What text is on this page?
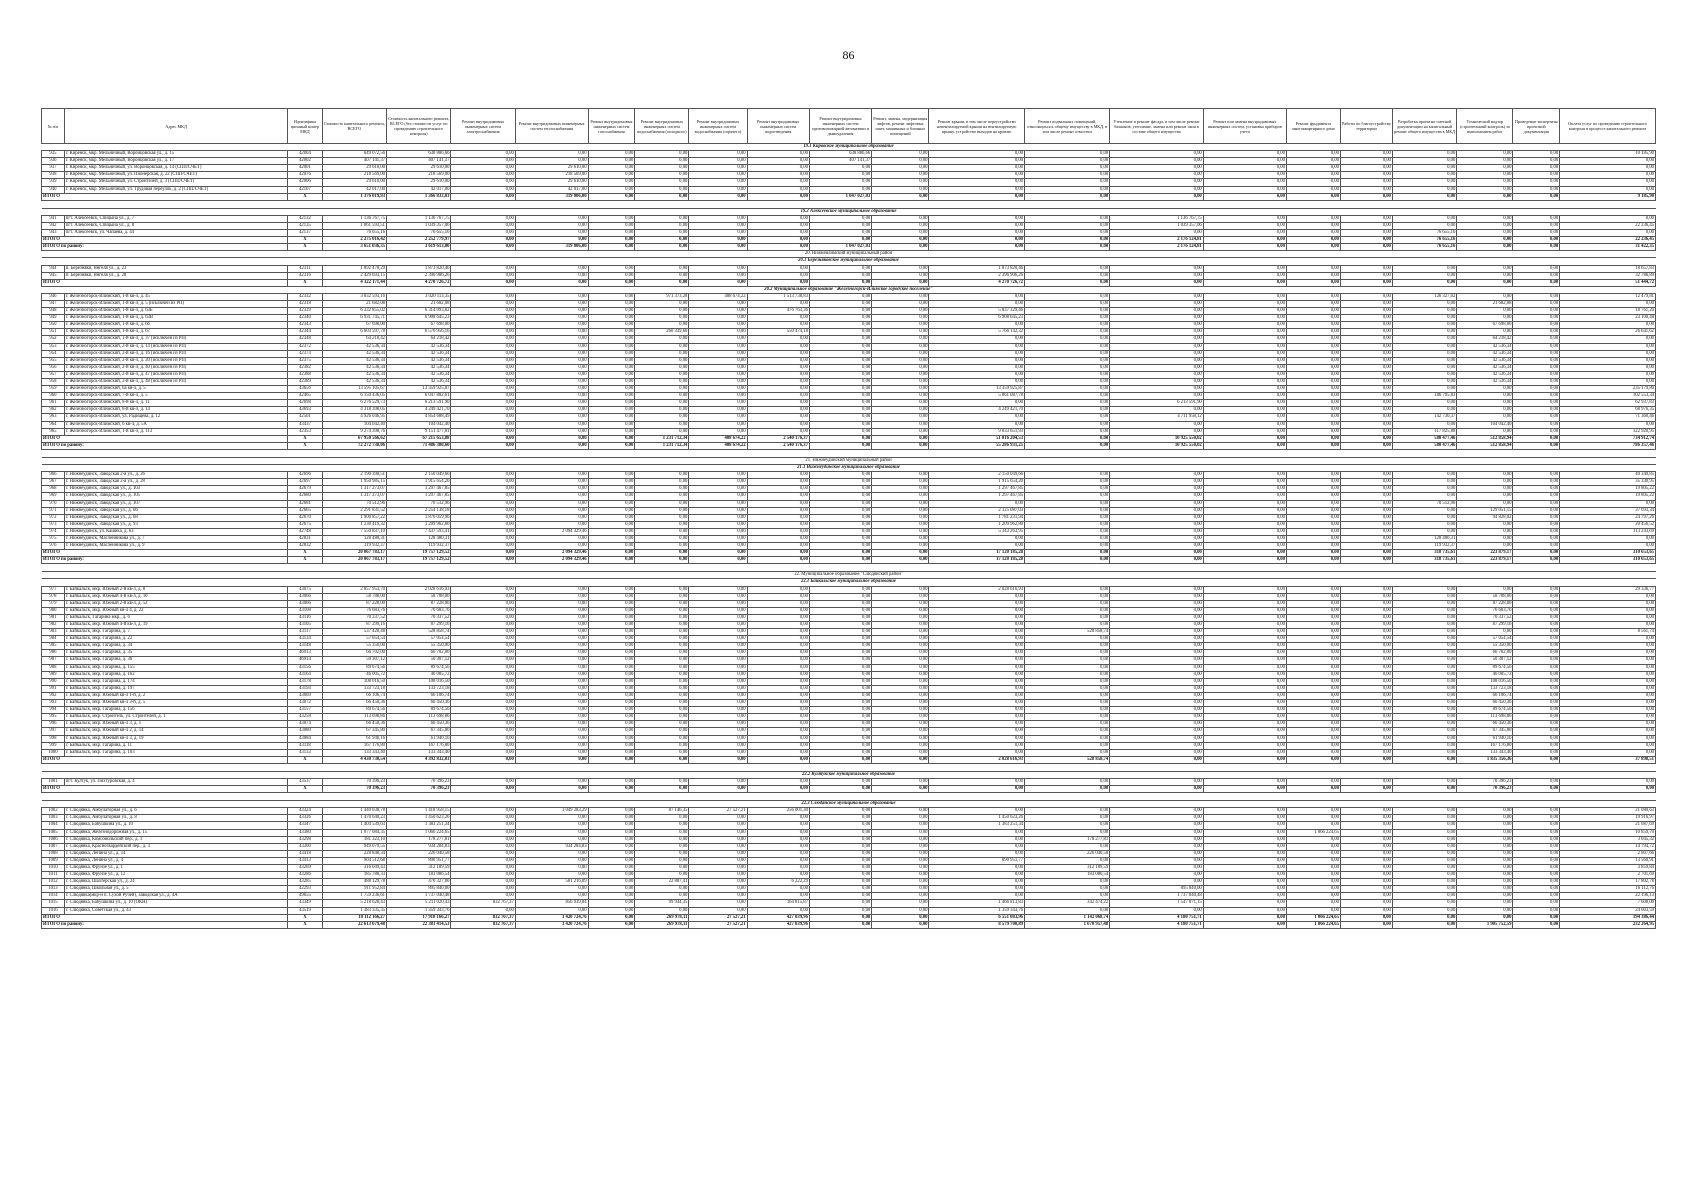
86
№ п/п	Адрес МКД	Идентифика ционный номер МКД	Стоимость капитального ремонта, ВСЕГО	Стоимость капитального ремонта, ВСЕГО (без стоимости услуг по проведению строительного контроля)	Ремонт внутридомовых инженерных систем электроснабжения	Ремонт внутридомовых инженерных систем теплоснабжения	Ремонт внутридомовых инженерных систем газоснабжения	Ремонт внутридомовых инженерных систем водоснабжения (холодного)	Ремонт внутридомовых инженерных систем водоснабжения (горячего)	Ремонт внутридомовых инженерных систем водоотведения	Ремонт внутридомовых инженерных систем противопожарной автоматики и дымоудаления	Ремонт, замена, модернизация лифтов, ремонт лифтовых шахт, машинных и блочных помещений	Ремонт крыши, в том числе переустройство невентилируемой крыши на вентилируемую крышу, устройство выходов на кровлю	Ремонт подвальных помещений, относящихся к общему имуществу в МКД, в том числе ремонт отмостки	Утепление и ремонт фасада, в том числе ремонт балконов, утепление, замена или ремонт окон в составе общего имущества	Ремонт или замена внутридомовых инженерных систем, установка приборов учета	Ремонт фундамента многоквартирного дома	Работы по благоустройству территории	Разработка проектно-сметной документации на капитальный ремонт общего имущества в МКД	Технический надзор (строительный контроль) за выполнением работ	Проведение экспертизы проектной документации	Оплата услуг по проведению строительного контроля в процессе капитального ремонта
19.1 Кировское муниципальное образование																						
935	г. Киренск, мкр. Мельничный, Воронцовская ул., д. 15	42004	649 072,56	638 886,66	0,00	0,00	0,00	0,00	0,00	0,00	638 886,66	0,00	0,00	0,00	0,00	0,00	0,00	0,00	0,00	0,00	0,00	10 185,90
936	г. Киренск, мкр. Мельничный, Воронцовская ул., д. 17	42002	407 141,37	407 141,37	0,00	0,00	0,00	0,00	0,00	0,00	407 141,37	0,00	0,00	0,00	0,00	0,00	0,00	0,00	0,00	0,00	0,00	0,00
937	г. Киренск, мкр. Мельничный, ул. Воронцовская, д. 14 (СПП/СЧЕТ)	42001	29 610,00	29 610,00	0,00	29 610,00	0,00	0,00	0,00	0,00	0,00	0,00	0,00	0,00	0,00	0,00	0,00	0,00	0,00	0,00	0,00	0,00
938	г. Киренск, мкр. Мельничный, ул. Пионерская, д. 22 (СПП/СЧЕТ)	42076	218 569,00	218 569,00	0,00	218 569,00	0,00	0,00	0,00	0,00	0,00	0,00	0,00	0,00	0,00	0,00	0,00	0,00	0,00	0,00	0,00	0,00
939	г. Киренск, мкр. Мельничный, ул. Строителей, д. 3 (СПП/СЧЕТ)	42006	29 610,00	29 610,00	0,00	29 610,00	0,00	0,00	0,00	0,00	0,00	0,00	0,00	0,00	0,00	0,00	0,00	0,00	0,00	0,00	0,00	0,00
940	г. Киренск, мкр. Мельничный, ул. Трудовая переулок, д. 2 (СПП/СЧЕТ)	42107	42 017,00	42 017,00	0,00	42 017,00	0,00	0,00	0,00	0,00	0,00	0,00	0,00	0,00	0,00	0,00	0,00	0,00	0,00	0,00	0,00	0,00
ИТОГО		X	1 376 019,93	1 366 833,03	0,00	319 806,00	0,00	0,00	0,00	0,00	1 047 027,03	0,00	0,00	0,00	0,00	0,00	0,00	0,00	0,00	0,00	0,00	9 185,90

19.2 Алексеевское муниципальное образование																						
941	пгт. Алексеевск, Спицына ул., д. 7	42132	1 136 767,75	1 136 767,75	0,00	0,00	0,00	0,00	0,00	0,00	0,00	0,00	0,00	0,00	1 136 767,75	0,00	0,00	0,00	0,00	0,00	0,00	0,00
942	пгт. Алексеевск, Спицына ул., д. 8	42135	1 061 593,51	1 039 357,06	0,00	0,00	0,00	0,00	0,00	0,00	0,00	0,00	0,00	0,00	1 039 357,06	0,00	0,00	0,00	0,00	0,00	0,00	22 236,45
943	пгт. Алексеевск, ул. Чапаева, д. 44	42137	76 655,16	76 655,16	0,00	0,00	0,00	0,00	0,00	0,00	0,00	0,00	0,00	0,00	0,00	0,00	0,00	0,00	76 655,16	0,00	0,00	0,00
ИТОГО		X	2 275 016,42	2 252 779,97	0,00	0,00	0,00	0,00	0,00	0,00	0,00	0,00	0,00	0,00	2 176 124,81	0,00	0,00	0,00	76 655,16	0,00	0,00	22 236,45
ИТОГО по району:		X	3 651 036,35	3 619 613,00	0,00	319 806,00	0,00	0,00	0,00	0,00	1 047 027,03	0,00	0,00	0,00	2 176 124,81	0,00	0,00	0,00	76 655,16	0,00	0,00	31 422,35
20. Нижнеилимский муниципальный район																						
20.1 Березняковское муниципальное образование																						
944	п. Березняки, Янгеля ул., д. 23	42311	1 892 478,29	1 873 820,46	0,00	0,00	0,00	0,00	0,00	0,00	0,00	0,00	1 873 820,46	0,00	0,00	0,00	0,00	0,00	0,00	0,00	0,00	18 657,83
945	п. Березняки, Янгеля ул., д. 28	42316	2 429 693,15	2 396 906,26	0,00	0,00	0,00	0,00	0,00	0,00	0,00	0,00	2 396 906,26	0,00	0,00	0,00	0,00	0,00	0,00	0,00	0,00	32 786,89
ИТОГО		X	4 322 171,44	4 270 726,72	0,00	0,00	0,00	0,00	0,00	0,00	0,00	0,00	4 270 726,72	0,00	0,00	0,00	0,00	0,00	0,00	0,00	0,00	51 444,72
20.2 Муниципальное образование "Железногорск-Илимское городское поселение"																						
946	г. Железногорск-Илимский, 1-й кв-л, д. 45	42332	3 032 593,16	3 020 113,35	0,00	0,00	0,00	971 373,28	408 674,22	1 513 738,83	0,00	0,00	0,00	0,00	0,00	0,00	0,00	0,00	126 327,02	0,00	0,00	12 479,81
947	г. Железногорск-Илимский, 1-й кв-л, д. 5 (исключен из РП)	42318	21 682,08	21 682,08	0,00	0,00	0,00	0,00	0,00	0,00	0,00	0,00	0,00	0,00	0,00	0,00	0,00	0,00	0,00	21 682,08	0,00	0,00
948	г. Железногорск-Илимский, 1-й кв-л, д. 63Б	42339	6 332 855,02	6 314 093,82	0,00	0,00	0,00	0,00	0,00	476 763,36	0,00	0,00	5 837 329,46	0,00	0,00	0,00	0,00	0,00	0,00	0,00	0,00	18 761,20
949	г. Железногорск-Илимский, 1-й кв-л, д. 63В	42340	6 931 745,71	6 908 645,23	0,00	0,00	0,00	0,00	0,00	0,00	0,00	0,00	6 908 645,23	0,00	0,00	0,00	0,00	0,00	0,00	0,00	0,00	23 100,48
950	г. Железногорск-Илимский, 1-й кв-л, д. 66	42343	67 698,00	67 698,00	0,00	0,00	0,00	0,00	0,00	0,00	0,00	0,00	0,00	0,00	0,00	0,00	0,00	0,00	0,00	67 698,00	0,00	0,00
951	г. Железногорск-Илимский, 1-й кв-л, д. 67	42344	6 603 597,78	6 576 956,16	0,00	0,00	0,00	260 339,66	0,00	550 474,18	0,00	0,00	5 766 142,32	0,00	0,00	0,00	0,00	0,00	0,00	0,00	0,00	26 641,62
952	г. Железногорск-Илимский, 1-й кв-л, д. 37 (исключен из РП)	42348	64 218,42	64 218,42	0,00	0,00	0,00	0,00	0,00	0,00	0,00	0,00	0,00	0,00	0,00	0,00	0,00	0,00	0,00	64 218,42	0,00	0,00
953	г. Железногорск-Илимский, 2-й кв-л, д. 14 (исключен из РП)	42372	42 536,34	42 536,34	0,00	0,00	0,00	0,00	0,00	0,00	0,00	0,00	0,00	0,00	0,00	0,00	0,00	0,00	0,00	42 536,34	0,00	0,00
954	г. Железногорск-Илимский, 2-й кв-л, д. 16 (исключен из РП)	42374	42 536,34	42 536,34	0,00	0,00	0,00	0,00	0,00	0,00	0,00	0,00	0,00	0,00	0,00	0,00	0,00	0,00	0,00	42 536,34	0,00	0,00
955	г. Железногорск-Илимский, 2-й кв-л, д. 20 (исключен из РП)	42375	42 536,34	42 536,34	0,00	0,00	0,00	0,00	0,00	0,00	0,00	0,00	0,00	0,00	0,00	0,00	0,00	0,00	0,00	42 536,34	0,00	0,00
956	г. Железногорск-Илимский, 2-й кв-л, д. 40 (исключен из РП)	42382	42 536,34	42 536,34	0,00	0,00	0,00	0,00	0,00	0,00	0,00	0,00	0,00	0,00	0,00	0,00	0,00	0,00	0,00	42 536,34	0,00	0,00
957	г. Железногорск-Илимский, 2-й кв-л, д. 47 (исключен из РП)	42388	42 536,34	42 536,34	0,00	0,00	0,00	0,00	0,00	0,00	0,00	0,00	0,00	0,00	0,00	0,00	0,00	0,00	0,00	42 536,34	0,00	0,00
958	г. Железногорск-Илимский, 2-й кв-л, д. 48 (исключен из РП)	42389	42 536,34	42 536,34	0,00	0,00	0,00	0,00	0,00	0,00	0,00	0,00	0,00	0,00	0,00	0,00	0,00	0,00	0,00	42 536,34	0,00	0,00
959	г. Железногорск-Илимский, 6а кв-л, д. 5	43656	13 595 105,67	13 359 925,87	0,00	0,00	0,00	0,00	0,00	0,00	0,00	0,00	13 359 925,87	0,00	0,00	0,00	0,00	0,00	0,00	0,00	0,00	235 179,80
960	г. Железногорск-Илимский, 7-й кв-л, д. 5	42465	6 150 436,05	6 047 882,61	0,00	0,00	0,00	0,00	0,00	0,00	0,00	0,00	5 861 087,78	0,00	0,00	0,00	0,00	0,00	186 795,83	0,00	0,00	102 553,34
961	г. Железногорск-Илимский, 8-й кв-л, д. 11	42698	6 276 529,73	6 213 591,90	0,00	0,00	0,00	0,00	0,00	0,00	0,00	0,00	0,00	0,00	6 213 591,90	0,00	0,00	0,00	0,00	0,00	0,00	62 937,83
962	г. Железногорск-Илимский, 8-й кв-л, д. 14	43693	4 318 398,05	4 249 421,70	0,00	0,00	0,00	0,00	0,00	0,00	0,00	0,00	4 249 421,70	0,00	0,00	0,00	0,00	0,00	0,00	0,00	0,00	68 976,35
963	г. Железногорск-Илимский, ул. Радищева, д. 12	42501	4 926 046,95	4 854 688,49	0,00	0,00	0,00	0,00	0,00	0,00	0,00	0,00	0,00	0,00	4 711 958,12	0,00	0,00	0,00	142 730,37	0,00	0,00	71 360,46
964	г. Железногорск-Илимский, 6 кв-л, д. 5А	43437	104 042,40	104 042,40	0,00	0,00	0,00	0,00	0,00	0,00	0,00	0,00	0,00	0,00	0,00	0,00	0,00	0,00	0,00	104 042,40	0,00	0,00
965	г. Железногорск-Илимский, 1-й кв-л, д. 113	42353	9 274 398,76	9 151 477,81	0,00	0,00	0,00	0,00	0,00	0,00	0,00	0,00	9 033 651,93	0,00	0,00	0,00	0,00	0,00	117 825,88	0,00	0,00	122 920,95
ИТОГО		X	67 950 566,62	67 215 653,88	0,00	0,00	0,00	1 231 712,34	408 674,22	2 540 176,37	0,00	0,00	51 016 204,53	0,00	10 925 550,02	0,00	0,00	0,00	580 477,46	512 858,94	0,00	734 912,74
ИТОГО по району:		X	72 272 738,06	71 486 380,60	0,00	0,00	0,00	1 231 712,34	408 674,22	2 540 176,37	0,00	0,00	55 286 931,25	0,00	10 925 550,02	0,00	0,00	0,00	580 477,46	512 858,94	0,00	786 357,46

21. Нижнеудинский муниципальный район																						
21.1 Нижнеудинское муниципальное образование																						
966	г. Нижнеудинск, Заводская 2-я ул., д. 26	42696	2 190 390,51	2 150 049,66	0,00	0,00	0,00	0,00	0,00	0,00	0,00	0,00	2 150 049,66	0,00	0,00	0,00	0,00	0,00	0,00	0,00	0,00	40 340,85
967	г. Нижнеудинск, Заводская 2-я ул., д. 28	42697	1 950 985,15	1 915 654,20	0,00	0,00	0,00	0,00	0,00	0,00	0,00	0,00	1 915 654,20	0,00	0,00	0,00	0,00	0,00	0,00	0,00	0,00	35 330,95
968	г. Нижнеудинск, Заводская ул., д. 103	42679	1 317 273,07	1 297 467,85	0,00	0,00	0,00	0,00	0,00	0,00	0,00	0,00	1 297 467,85	0,00	0,00	0,00	0,00	0,00	0,00	0,00	0,00	19 805,22
969	г. Нижнеудинск, Заводская ул., д. 105	42680	1 317 273,07	1 297 467,85	0,00	0,00	0,00	0,00	0,00	0,00	0,00	0,00	1 297 467,85	0,00	0,00	0,00	0,00	0,00	0,00	0,00	0,00	19 805,22
970	г. Нижнеудинск, Заводская ул., д. 107	42681	70 512,96	70 512,96	0,00	0,00	0,00	0,00	0,00	0,00	0,00	0,00	0,00	0,00	0,00	0,00	0,00	0,00	70 512,96	0,00	0,00	0,00
971	г. Нижнеудинск, Заводская ул., д. 66	42665	2 291 831,52	2 254 138,18	0,00	0,00	0,00	0,00	0,00	0,00	0,00	0,00	2 125 087,03	0,00	0,00	0,00	0,00	0,00	0,00	129 051,15	0,00	37 693,34
972	г. Нижнеудинск, Заводская ул., д. 68	42670	1 900 857,22	1 876 059,96	0,00	0,00	0,00	0,00	0,00	0,00	0,00	0,00	1 781 231,94	0,00	0,00	0,00	0,00	0,00	0,00	94 828,02	0,00	24 797,26
973	г. Нижнеудинск, Заводская ул., д. 93	42675	1 230 419,32	1 209 962,80	0,00	0,00	0,00	0,00	0,00	0,00	0,00	0,00	1 209 962,80	0,00	0,00	0,00	0,00	0,00	0,00	0,00	0,00	20 456,52
974	г. Нижнеудинск, ул. Кашика, д. 63	42748	7 550 837,10	7 437 593,41	0,00	2 094 329,46	0,00	0,00	0,00	0,00	0,00	0,00	5 343 263,95	0,00	0,00	0,00	0,00	0,00	0,00	0,00	0,00	113 243,69
975	г. Нижнеудинск, Масленникова ул., д. 7	42831	128 480,31	128 480,31	0,00	0,00	0,00	0,00	0,00	0,00	0,00	0,00	0,00	0,00	0,00	0,00	0,00	0,00	128 480,31	0,00	0,00	0,00
976	г. Нижнеудинск, Масленникова ул., д. 9	42832	119 932,37	119 932,37	0,00	0,00	0,00	0,00	0,00	0,00	0,00	0,00	0,00	0,00	0,00	0,00	0,00	0,00	119 932,37	0,00	0,00	0,00
ИТОГО		X	20 067 783,17	19 757 129,52	0,00	2 094 329,46	0,00	0,00	0,00	0,00	0,00	0,00	17 120 185,28	0,00	0,00	0,00	0,00	0,00	318 735,61	223 879,17	0,00	310 653,65
ИТОГО по району:		X	20 067 783,17	19 757 129,52	0,00	2 094 329,46	0,00	0,00	0,00	0,00	0,00	0,00	17 120 185,28	0,00	0,00	0,00	0,00	0,00	318 735,61	223 879,17	0,00	310 653,65

22. Муниципальное образование "Слюдянский район"																						
22.1 Байкальское муниципальное образование																						
977	г. Байкальск, мкр. Южный 2-й кв-л, д. 8	43075	2 057 953,70	2 028 616,93	0,00	0,00	0,00	0,00	0,00	0,00	0,00	0,00	2 028 616,93	0,00	0,00	0,00	0,00	0,00	0,00	0,00	0,00	29 336,77
978	г. Байкальск, мкр. Южный 4-й кв-л, д. 10	43066	58 788,00	58 788,00	0,00	0,00	0,00	0,00	0,00	0,00	0,00	0,00	0,00	0,00	0,00	0,00	0,00	0,00	0,00	58 788,00	0,00	0,00
979	г. Байкальск, мкр. Южный 2-й кв-л, д. 52	43066	87 228,00	87 228,00	0,00	0,00	0,00	0,00	0,00	0,00	0,00	0,00	0,00	0,00	0,00	0,00	0,00	0,00	0,00	87 228,00	0,00	0,00
980	г. Байкальск, мкр. Южный кв-л 4, д. 22	43108	76 683,76	76 683,76	0,00	0,00	0,00	0,00	0,00	0,00	0,00	0,00	0,00	0,00	0,00	0,00	0,00	0,00	0,00	76 683,76	0,00	0,00
981	г. Байкальск, Гагарина мкр., д. 6	43116	70 337,52	70 337,52	0,00	0,00	0,00	0,00	0,00	0,00	0,00	0,00	0,00	0,00	0,00	0,00	0,00	0,00	0,00	70 337,52	0,00	0,00
982	г. Байкальск, мкр. Южный 4-й кв-л, д. 19	43105	87 299,16	87 299,16	0,00	0,00	0,00	0,00	0,00	0,00	0,00	0,00	0,00	0,00	0,00	0,00	0,00	0,00	0,00	87 299,16	0,00	0,00
983	г. Байкальск, мкр. Гагарина, д. 7	43117	537 420,48	528 858,74	0,00	0,00	0,00	0,00	0,00	0,00	0,00	0,00	0,00	528 858,74	0,00	0,00	0,00	0,00	0,00	0,00	0,00	8 561,74
984	г. Байкальск, мкр. Гагарина, д. 22	43134	57 054,54	57 054,54	0,00	0,00	0,00	0,00	0,00	0,00	0,00	0,00	0,00	0,00	0,00	0,00	0,00	0,00	0,00	57 054,54	0,00	0,00
985	г. Байкальск, мкр. Гагарина, д. 34	43148	55 350,00	55 350,00	0,00	0,00	0,00	0,00	0,00	0,00	0,00	0,00	0,00	0,00	0,00	0,00	0,00	0,00	0,00	55 350,00	0,00	0,00
986	г. Байкальск, мкр. Гагарина, д. 35	46913	66 702,00	66 702,00	0,00	0,00	0,00	0,00	0,00	0,00	0,00	0,00	0,00	0,00	0,00	0,00	0,00	0,00	0,00	66 702,00	0,00	0,00
987	г. Байкальск, мкр. Гагарина, д. 36	46914	50 307,12	50 307,12	0,00	0,00	0,00	0,00	0,00	0,00	0,00	0,00	0,00	0,00	0,00	0,00	0,00	0,00	0,00	50 307,12	0,00	0,00
988	г. Байкальск, мкр. Гагарина, д. 155	43156	89 674,56	89 674,56	0,00	0,00	0,00	0,00	0,00	0,00	0,00	0,00	0,00	0,00	0,00	0,00	0,00	0,00	0,00	89 674,56	0,00	0,00
989	г. Байкальск, мкр. Гагарина, д. 162	43164	46 005,72	46 005,72	0,00	0,00	0,00	0,00	0,00	0,00	0,00	0,00	0,00	0,00	0,00	0,00	0,00	0,00	0,00	46 005,72	0,00	0,00
990	г. Байкальск, мкр. Гагарина, д. 174	43178	108 016,50	108 016,50	0,00	0,00	0,00	0,00	0,00	0,00	0,00	0,00	0,00	0,00	0,00	0,00	0,00	0,00	0,00	108 016,50	0,00	0,00
991	г. Байкальск, мкр. Гагарина, д. 197	43194	133 723,18	133 723,18	0,00	0,00	0,00	0,00	0,00	0,00	0,00	0,00	0,00	0,00	0,00	0,00	0,00	0,00	0,00	133 723,18	0,00	0,00
992	г. Байкальск, мкр. Южный кв-л 1-й, д. 2	43069	66 106,74	66 106,74	0,00	0,00	0,00	0,00	0,00	0,00	0,00	0,00	0,00	0,00	0,00	0,00	0,00	0,00	0,00	66 106,74	0,00	0,00
993	г. Байкальск, мкр. Южный кв-л 3-й, д. 5	43072	66 450,36	66 450,36	0,00	0,00	0,00	0,00	0,00	0,00	0,00	0,00	0,00	0,00	0,00	0,00	0,00	0,00	0,00	66 450,36	0,00	0,00
994	г. Байкальск, мкр. Гагарина, д. 156	43157	89 674,56	89 674,56	0,00	0,00	0,00	0,00	0,00	0,00	0,00	0,00	0,00	0,00	0,00	0,00	0,00	0,00	0,00	89 674,56	0,00	0,00
995	г. Байкальск, мкр. Строитель, ул. Строителей, д. 1	43258	113 698,86	113 698,86	0,00	0,00	0,00	0,00	0,00	0,00	0,00	0,00	0,00	0,00	0,00	0,00	0,00	0,00	0,00	113 698,86	0,00	0,00
996	г. Байкальск, мкр. Южный кв-л 3, д. 1	43074	66 450,36	66 450,36	0,00	0,00	0,00	0,00	0,00	0,00	0,00	0,00	0,00	0,00	0,00	0,00	0,00	0,00	0,00	66 450,36	0,00	0,00
997	г. Байкальск, мкр. Южный кв-л 2, д. 14	43080	67 345,80	67 345,80	0,00	0,00	0,00	0,00	0,00	0,00	0,00	0,00	0,00	0,00	0,00	0,00	0,00	0,00	0,00	67 345,80	0,00	0,00
998	г. Байкальск, мкр. Южный кв-л 3, д. 19	43084	61 940,16	61 940,16	0,00	0,00	0,00	0,00	0,00	0,00	0,00	0,00	0,00	0,00	0,00	0,00	0,00	0,00	0,00	61 940,16	0,00	0,00
999	г. Байкальск, мкр. Гагарина, д. 11	43118	167 176,80	167 176,80	0,00	0,00	0,00	0,00	0,00	0,00	0,00	0,00	0,00	0,00	0,00	0,00	0,00	0,00	0,00	167 176,80	0,00	0,00
1000	г. Байкальск, мкр. Гагарина, д. 103	43133	133 343,40	133 343,40	0,00	0,00	0,00	0,00	0,00	0,00	0,00	0,00	0,00	0,00	0,00	0,00	0,00	0,00	0,00	133 343,40	0,00	0,00
ИТОГО		X	4 430 730,54	4 392 832,03	0,00	0,00	0,00	0,00	0,00	0,00	0,00	0,00	2 028 616,93	528 858,74	0,00	0,00	0,00	0,00	0,00	1 835 356,36	0,00	37 898,51

22.2 Култукское муниципальное образование																						
1001	пгт. Култук, ул. Пихтуровская, д. 4	43537	70 396,23	70 396,23	0,00	0,00	0,00	0,00	0,00	0,00	0,00	0,00	0,00	0,00	0,00	0,00	0,00	0,00	0,00	70 396,23	0,00	0,00
ИТОГО		X	70 396,23	70 396,23	0,00	0,00	0,00	0,00	0,00	0,00	0,00	0,00	0,00	0,00	0,00	0,00	0,00	0,00	0,00	70 396,23	0,00	0,00

22.3 Слюдянское муниципальное образование																						
1002	г. Слюдянка, Амбулаторная ул., д. 6	43324	1 440 038,78	1 418 958,15	0,00	1 049 283,29	0,00	87 146,35	27 527,21	256 001,30	0,00	0,00	0,00	0,00	0,00	0,00	0,00	0,00	0,00	0,00	0,00	21 080,63
1003	г. Слюдянка, Амбулаторная ул., д. 8	43326	1 470 640,23	1 450 623,26	0,00	0,00	0,00	0,00	0,00	0,00	0,00	0,00	1 450 623,26	0,00	0,00	0,00	0,00	0,00	0,00	0,00	0,00	19 916,97
1004	г. Слюдянка, Бабушкина ул., д. 10	43347	1 404 539,03	1 383 251,34	0,00	0,00	0,00	0,00	0,00	0,00	0,00	0,00	1 383 251,34	0,00	0,00	0,00	0,00	0,00	0,00	0,00	0,00	21 087,69
1005	г. Слюдянка, Железнодорожная ул., д. 15	43380	1 077 084,35	1 066 224,65	0,00	0,00	0,00	0,00	0,00	0,00	0,00	0,00	0,00	0,00	0,00	0,00	1 066 224,65	0,00	0,00	0,00	0,00	10 859,70
1006	г. Слюдянка, Комсомольский пер., д. 1	43298	181 323,10	178 277,81	0,00	0,00	0,00	0,00	0,00	0,00	0,00	0,00	0,00	178 277,81	0,00	0,00	0,00	0,00	0,00	0,00	0,00	3 045,32
1007	г. Слюдянка, Красногвардейский пер., д. 3	43300	949 079,55	934 284,83	0,00	934 284,83	0,00	0,00	0,00	0,00	0,00	0,00	0,00	0,00	0,00	0,00	0,00	0,00	0,00	0,00	0,00	14 794,72
1008	г. Слюдянка, Ленина ул., д. 14	43418	228 848,34	226 040,58	0,00	0,00	0,00	0,00	0,00	0,00	0,00	0,00	0,00	226 040,58	0,00	0,00	0,00	0,00	0,00	0,00	0,00	2 807,66
1009	г. Слюдянка, Ленина ул., д. 4	43413	904 512,68	890 951,77	0,00	0,00	0,00	0,00	0,00	0,00	0,00	0,00	890 951,77	0,00	0,00	0,00	0,00	0,00	0,00	0,00	0,00	13 560,91
1010	г. Слюдянка, Фрунзе ул., д. 1	43269	316 049,43	312 189,59	0,00	0,00	0,00	0,00	0,00	0,00	0,00	0,00	0,00	312 189,59	0,00	0,00	0,00	0,00	0,00	0,00	0,00	3 859,84
1011	г. Слюдянка, Фрунзе ул., д. 12	43286	185 788,33	183 086,54	0,00	0,00	0,00	0,00	0,00	0,00	0,00	0,00	0,00	183 086,54	0,00	0,00	0,00	0,00	0,00	0,00	0,00	2 701,69
1012	г. Слюдянка, Шахтерская ул., д. 24	43285	488 129,78	470 327,00	0,00	581 216,09	0,00	22 887,41	0,00	6 222,29	0,00	0,00	0,00	0,00	0,00	0,00	0,00	0,00	0,00	0,00	0,00	17 802,78
1013	г. Слюдянка, Школьная ул., д. 5	42293	911 952,84	895 840,00	0,00	0,00	0,00	0,00	0,00	0,00	0,00	0,00	0,00	0,00	895 840,00	0,00	0,00	0,00	0,00	0,00	0,00	16 112,76
1014	г. Слюдянка(мкр-н п. Сухой Ручей), Заводская ул., д. 4А	49655	1 759 236,61	1 737 040,48	0,00	0,00	0,00	0,00	0,00	0,00	0,00	0,00	0,00	0,00	1 737 040,48	0,00	0,00	0,00	0,00	0,00	0,00	22 196,13
1015	г. Слюдянка, Бабушкина ул., д. 10 (ОКН)	43349	5 218 628,43	5 211 020,43	832 767,37	856 939,04	0,00	99 944,35	0,00	164 815,87	0,00	0,00	1 466 813,83	342 474,22	1 547 871,15	0,00	0,00	0,00	0,00	0,00	0,00	7 608,00
1016	г. Слюдянка, Советская ул., д. 43	43519	1 383 335,35	1 359 343,76	0,00	0,00	0,00	0,00	0,00	0,00	0,00	0,00	1 359 343,76	0,00	0,00	0,00	0,00	0,00	0,00	0,00	0,00	24 003,59
ИТОГО		X	18 112 166,27	17 918 166,27	832 767,37	3 420 724,76	0,00	269 978,11	27 527,21	427 039,96	0,00	0,00	6 551 083,96	1 142 068,74	4 180 751,71	0,00	1 066 224,65	0,00	0,00	0,00	0,00	194 386,44
ИТОГО по району:		X	22 613 679,48	22 381 414,53	832 767,37	3 420 724,76	0,00	269 978,11	27 527,21	427 039,96	0,00	0,00	8 579 700,89	1 670 957,48	4 180 751,71	0,00	1 066 224,65	0,00	0,00	1 905 752,59	0,00	232 264,95
